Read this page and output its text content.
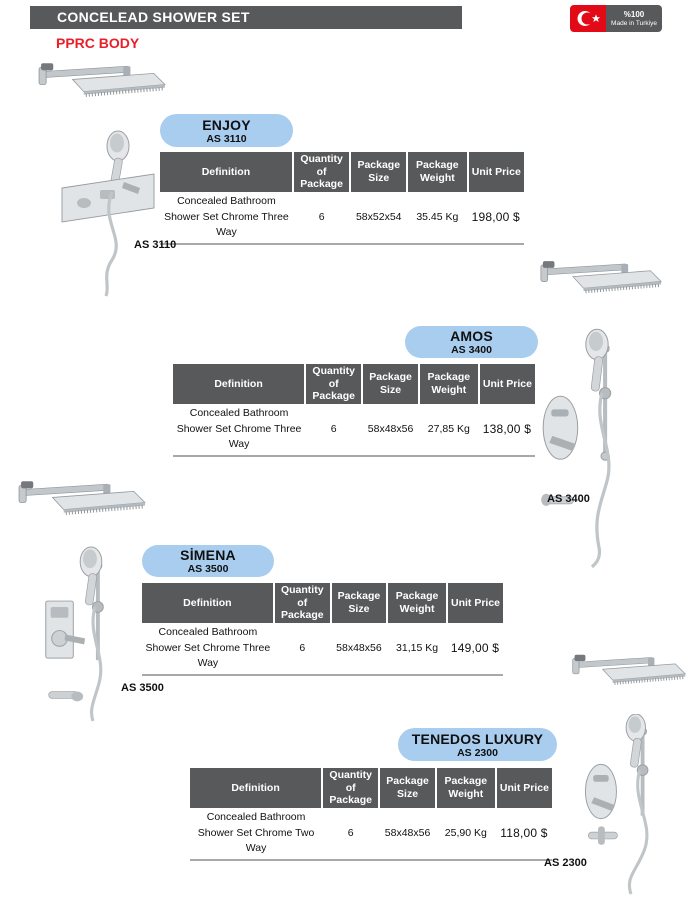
CONCELEAD SHOWER SET
PPRC BODY
%100
Made in Turkiye
ENJOY
AS 3110
Definition	Quantity of Package	Package Size	Package Weight	Unit Price
Concealed Bathroom Shower Set Chrome Three Way	6	58x52x54	35.45 Kg	198,00 $
AS 3110
AMOS
AS 3400
Definition	Quantity of Package	Package Size	Package Weight	Unit Price
Concealed Bathroom Shower Set Chrome Three Way	6	58x48x56	27,85 Kg	138,00 $
AS 3400
SİMENA
AS 3500
Definition	Quantity of Package	Package Size	Package Weight	Unit Price
Concealed Bathroom Shower Set Chrome Three Way	6	58x48x56	31,15 Kg	149,00 $
AS 3500
TENEDOS LUXURY
AS 2300
Definition	Quantity of Package	Package Size	Package Weight	Unit Price
Concealed Bathroom Shower Set Chrome Two Way	6	58x48x56	25,90 Kg	118,00 $
AS 2300
